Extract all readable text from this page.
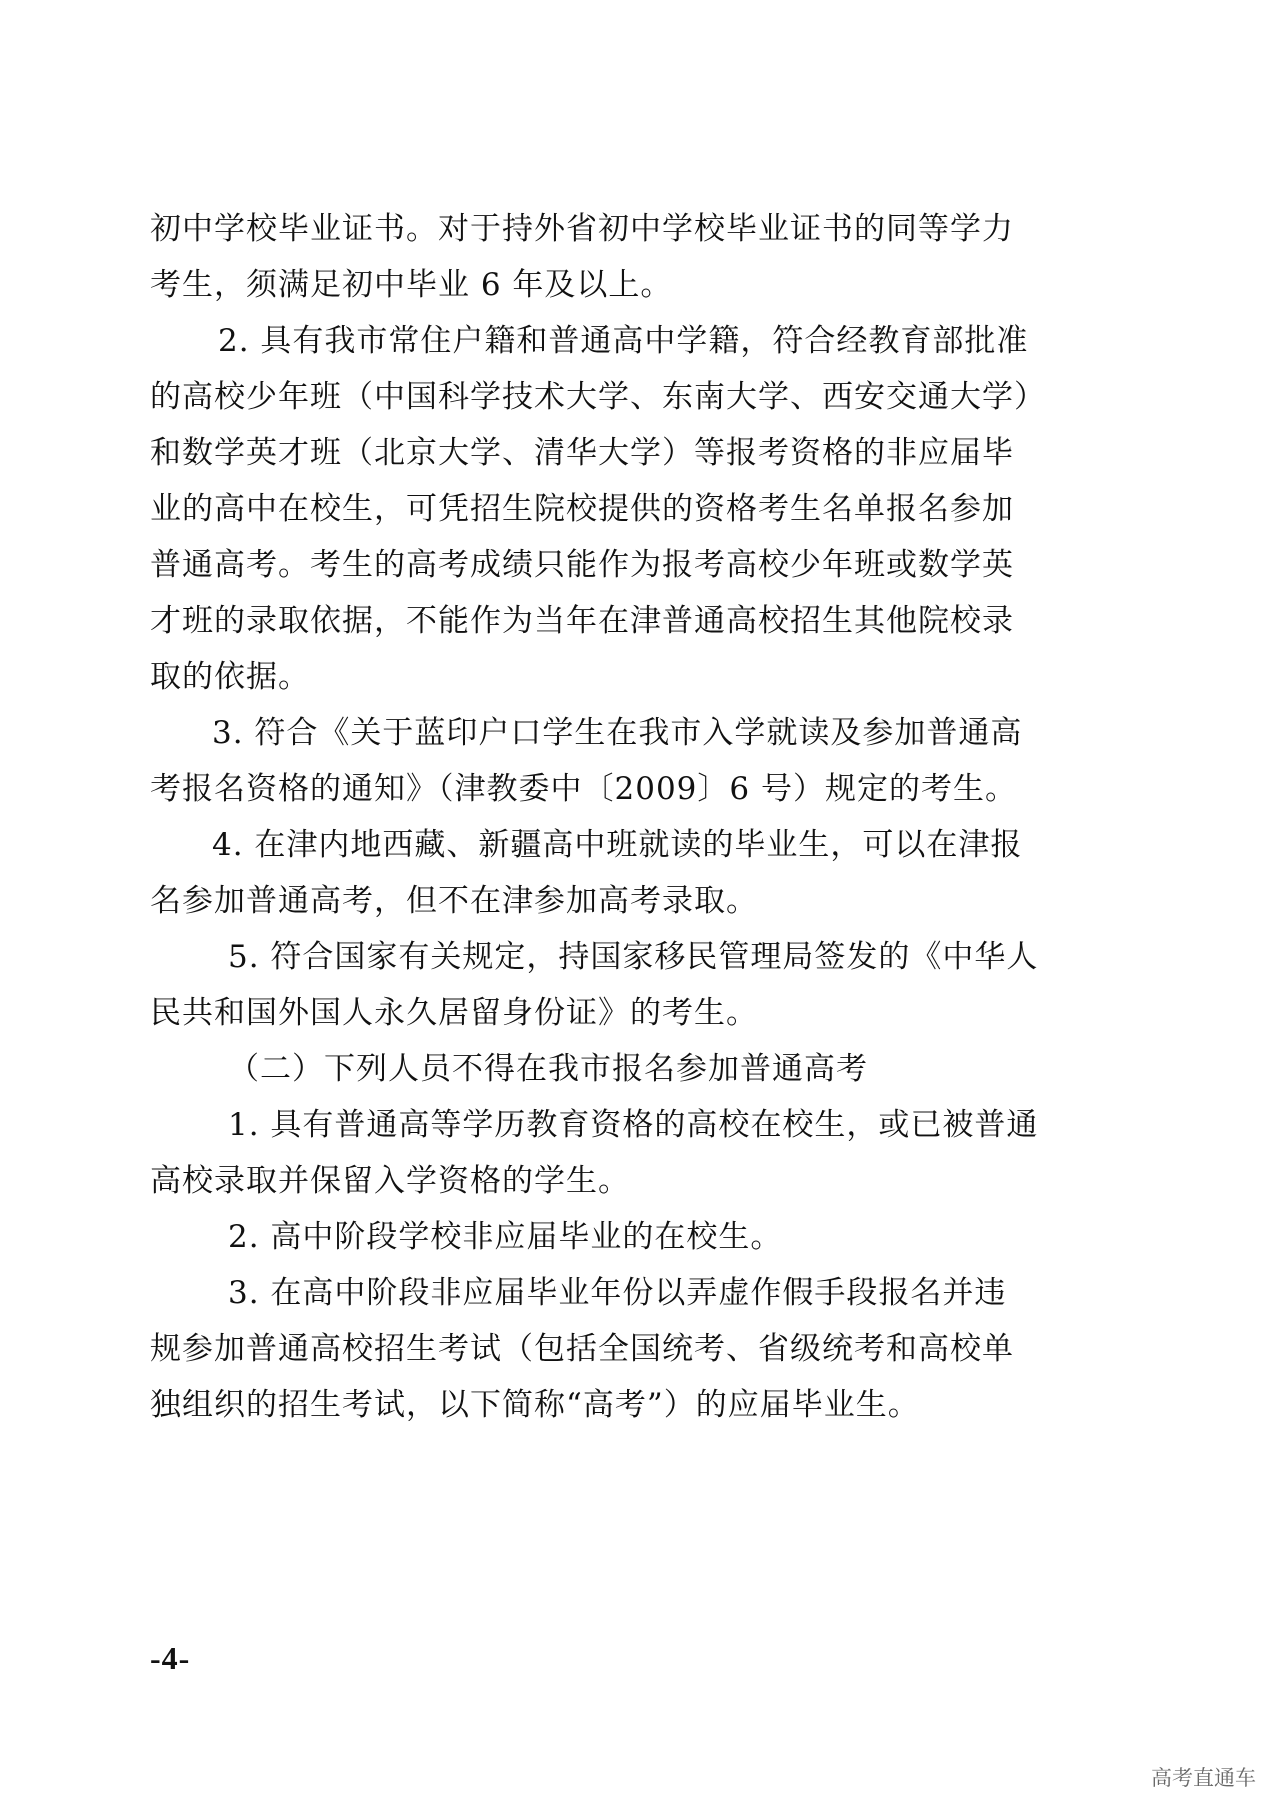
初中学校毕业证书。对于持外省初中学校毕业证书的同等学力
考生，须满足初中毕业 6 年及以上。
2. 具有我市常住户籍和普通高中学籍，符合经教育部批准
的高校少年班（中国科学技术大学、东南大学、西安交通大学）
和数学英才班（北京大学、清华大学）等报考资格的非应届毕
业的高中在校生，可凭招生院校提供的资格考生名单报名参加
普通高考。考生的高考成绩只能作为报考高校少年班或数学英
才班的录取依据，不能作为当年在津普通高校招生其他院校录
取的依据。
3. 符合《关于蓝印户口学生在我市入学就读及参加普通高
考报名资格的通知》（津教委中〔2009〕6 号）规定的考生。
4. 在津内地西藏、新疆高中班就读的毕业生，可以在津报
名参加普通高考，但不在津参加高考录取。
5. 符合国家有关规定，持国家移民管理局签发的《中华人
民共和国外国人永久居留身份证》的考生。
（二）下列人员不得在我市报名参加普通高考
1. 具有普通高等学历教育资格的高校在校生，或已被普通
高校录取并保留入学资格的学生。
2. 高中阶段学校非应届毕业的在校生。
3. 在高中阶段非应届毕业年份以弄虚作假手段报名并违
规参加普通高校招生考试（包括全国统考、省级统考和高校单
独组织的招生考试，以下简称“高考”）的应届毕业生。
-4-
高考直通车
